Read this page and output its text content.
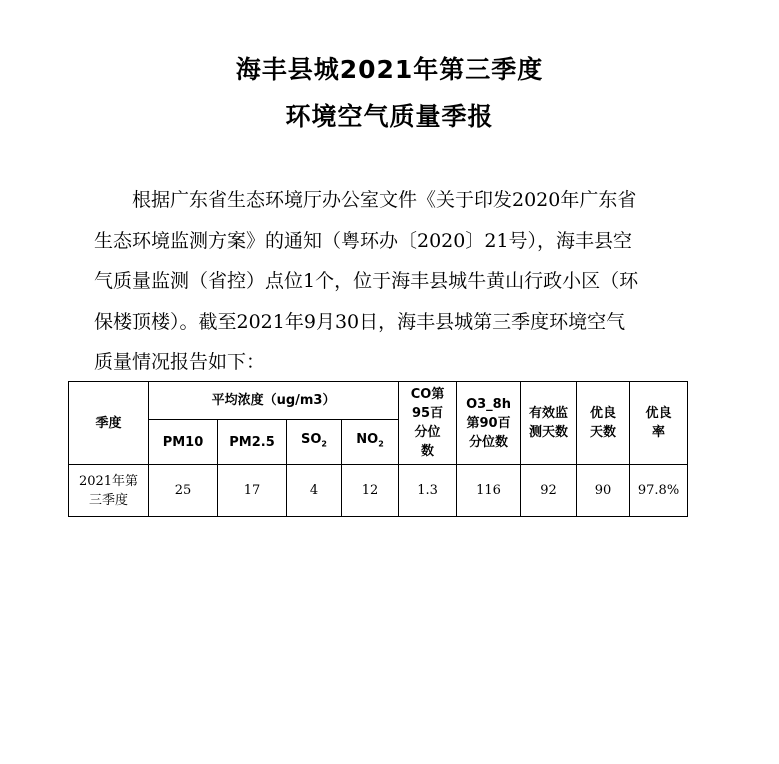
海丰县城2021年第三季度
环境空气质量季报

根据广东省生态环境厅办公室文件《关于印发2020年广东省
生态环境监测方案》的通知（粤环办〔2020〕21号），海丰县空
气质量监测（省控）点位1个，位于海丰县城牛黄山行政小区（环
保楼顶楼）。截至2021年9月30日，海丰县城第三季度环境空气
质量情况报告如下：

季度	平均浓度（ug/m3）				CO第95百分位数	O3_8h第90百分位数	有效监测天数	优良天数	优良率
	PM10	PM2.5	$SO_2$	$NO_2$
2021年第三季度	25	17	4	12	1.3	116	92	90	97.8%
